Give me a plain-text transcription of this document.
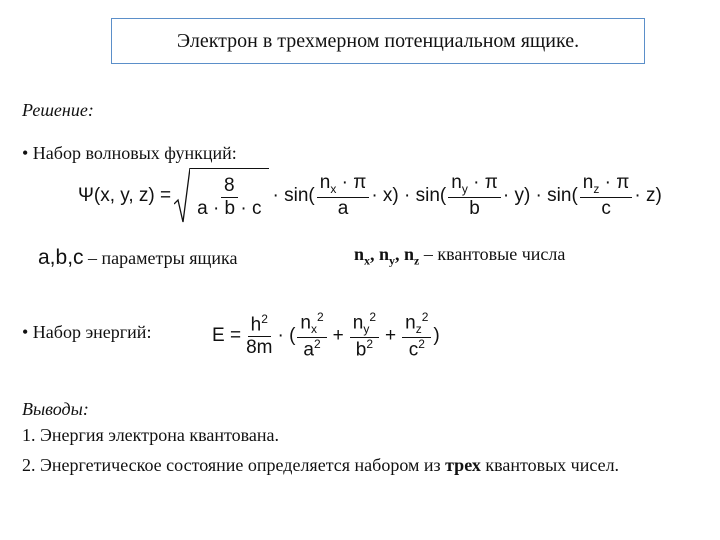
Электрон в трехмерном потенциальном ящике.
Решение:
• Набор волновых функций:
Ψ(x, y, $z) = \frac{8}{a \cdot b \cdot c} \cdot \sin( \frac{n_x \cdot \pi}{a} \cdot x) \cdot \sin( \frac{n_y \cdot \pi}{b} \cdot y) \cdot \sin( \frac{n_z \cdot \pi}{c} \cdot z)$
a,b,c – параметры ящика	$n_x$, $n_y$, $n_z$ – квантовые числа
• Набор энергий:	$E = \frac{h^2}{8m}$ · ( $\frac{n_x^2}{a^2} + \frac{n_y^2}{b^2} + \frac{n_z^2}{c^2}$ )
Выводы:
1. Энергия электрона квантована.
2. Энергетическое состояние определяется набором из трех квантовых чисел.
